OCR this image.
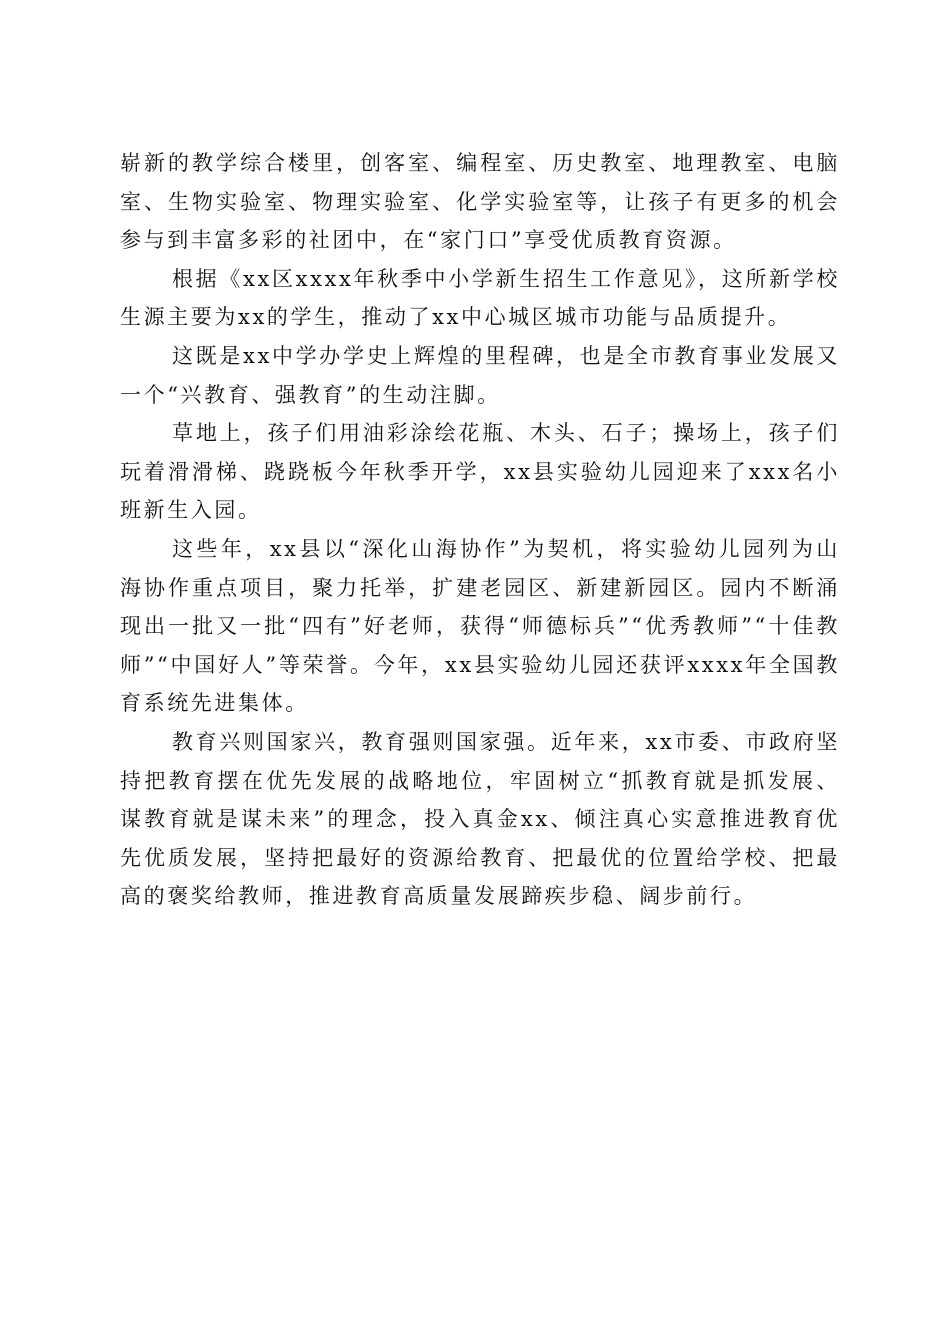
崭新的教学综合楼里，创客室、编程室、历史教室、地理教室、电脑室、生物实验室、物理实验室、化学实验室等，让孩子有更多的机会参与到丰富多彩的社团中，在“家门口”享受优质教育资源。

根据《xx区xxxx年秋季中小学新生招生工作意见》，这所新学校生源主要为xx的学生，推动了xx中心城区城市功能与品质提升。

这既是xx中学办学史上辉煌的里程碑，也是全市教育事业发展又一个“兴教育、强教育”的生动注脚。

草地上，孩子们用油彩涂绘花瓶、木头、石子；操场上，孩子们玩着滑滑梯、跷跷板今年秋季开学，xx县实验幼儿园迎来了xxx名小班新生入园。

这些年，xx县以“深化山海协作”为契机，将实验幼儿园列为山海协作重点项目，聚力托举，扩建老园区、新建新园区。园内不断涌现出一批又一批“四有”好老师，获得“师德标兵”“优秀教师”“十佳教师”“中国好人”等荣誉。今年，xx县实验幼儿园还获评xxxx年全国教育系统先进集体。

教育兴则国家兴，教育强则国家强。近年来，xx市委、市政府坚持把教育摆在优先发展的战略地位，牢固树立“抓教育就是抓发展、谋教育就是谋未来”的理念，投入真金xx、倾注真心实意推进教育优先优质发展，坚持把最好的资源给教育、把最优的位置给学校、把最高的褒奖给教师，推进教育高质量发展蹄疾步稳、阔步前行。
